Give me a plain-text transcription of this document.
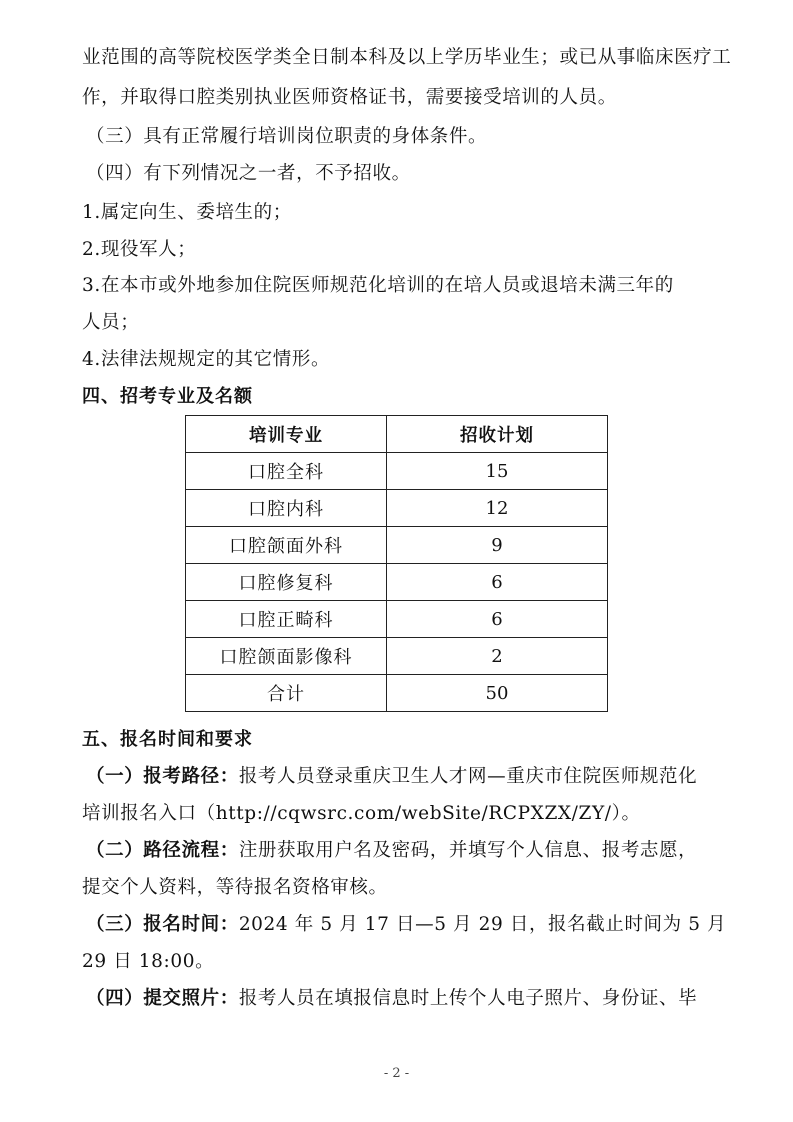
业范围的高等院校医学类全日制本科及以上学历毕业生；或已从事临床医疗工
作，并取得口腔类别执业医师资格证书，需要接受培训的人员。
（三）具有正常履行培训岗位职责的身体条件。
（四）有下列情况之一者，不予招收。
1.属定向生、委培生的；
2.现役军人；
3.在本市或外地参加住院医师规范化培训的在培人员或退培未满三年的
人员；
4.法律法规规定的其它情形。
四、招考专业及名额
培训专业	招收计划
口腔全科	15
口腔内科	12
口腔颌面外科	9
口腔修复科	6
口腔正畸科	6
口腔颌面影像科	2
合计	50
五、报名时间和要求
（一）报考路径：报考人员登录重庆卫生人才网—重庆市住院医师规范化
培训报名入口（http://cqwsrc.com/webSite/RCPXZX/ZY/）。
（二）路径流程：注册获取用户名及密码，并填写个人信息、报考志愿，
提交个人资料，等待报名资格审核。
（三）报名时间：2024 年 5 月 17 日—5 月 29 日，报名截止时间为 5 月
29 日 18:00。
（四）提交照片：报考人员在填报信息时上传个人电子照片、身份证、毕
- 2 -
